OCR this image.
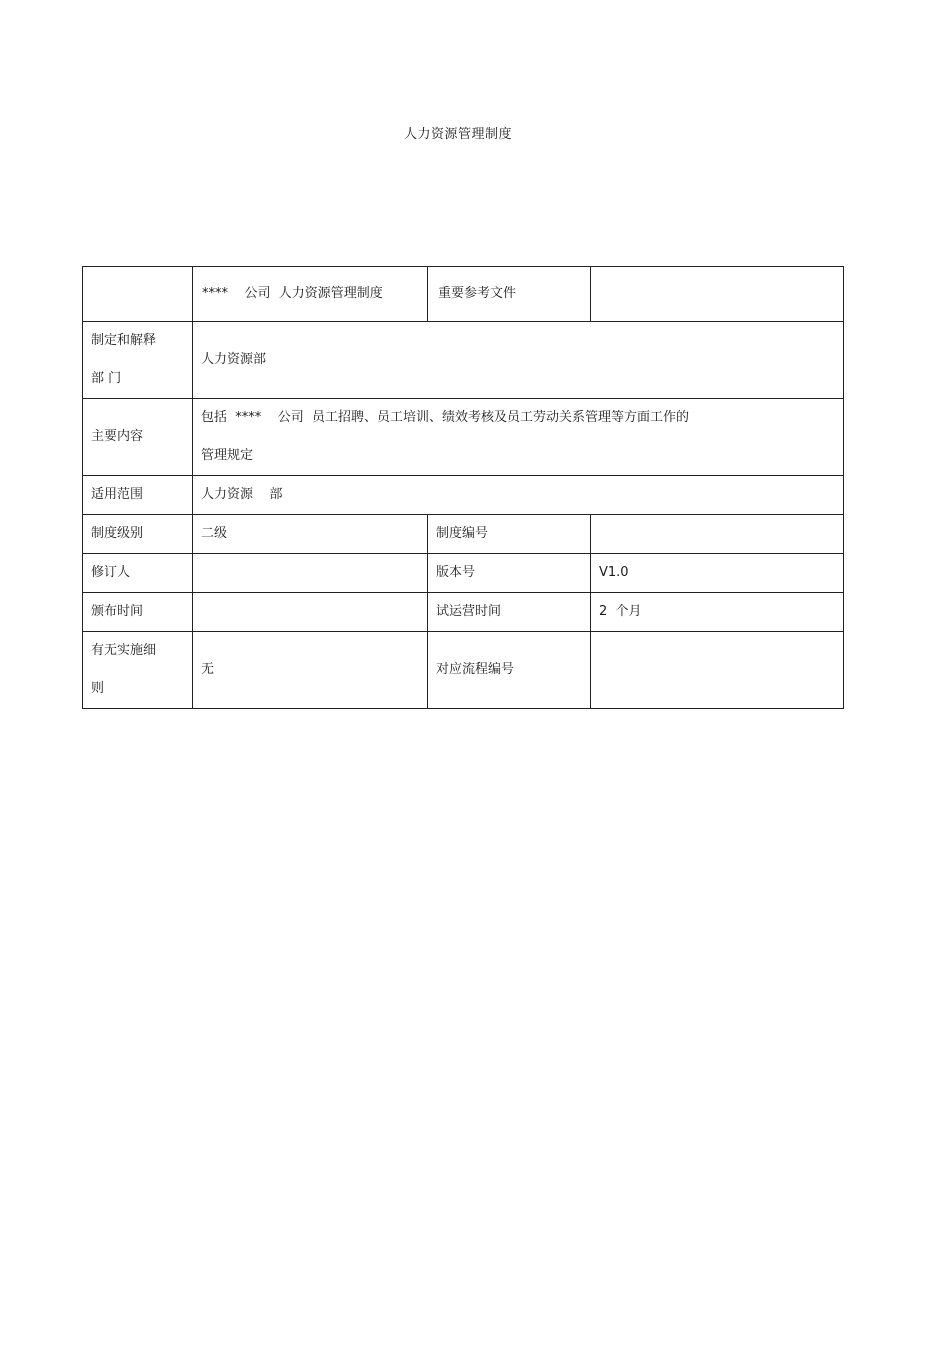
人力资源管理制度
	****    公司  人力资源管理制度	重要参考文件	

制定和解释
部 门	人力资源部		
主要内容	包括  ****    公司  员工招聘、员工培训、绩效考核及员工劳动关系管理等方面工作的
管理规定		

适用范围	人力资源    部		
制度级别	二级	制度编号	
修订人		版本号	V1.0
颁布时间		试运营时间	2  个月

有无实施细
则	无	对应流程编号	
